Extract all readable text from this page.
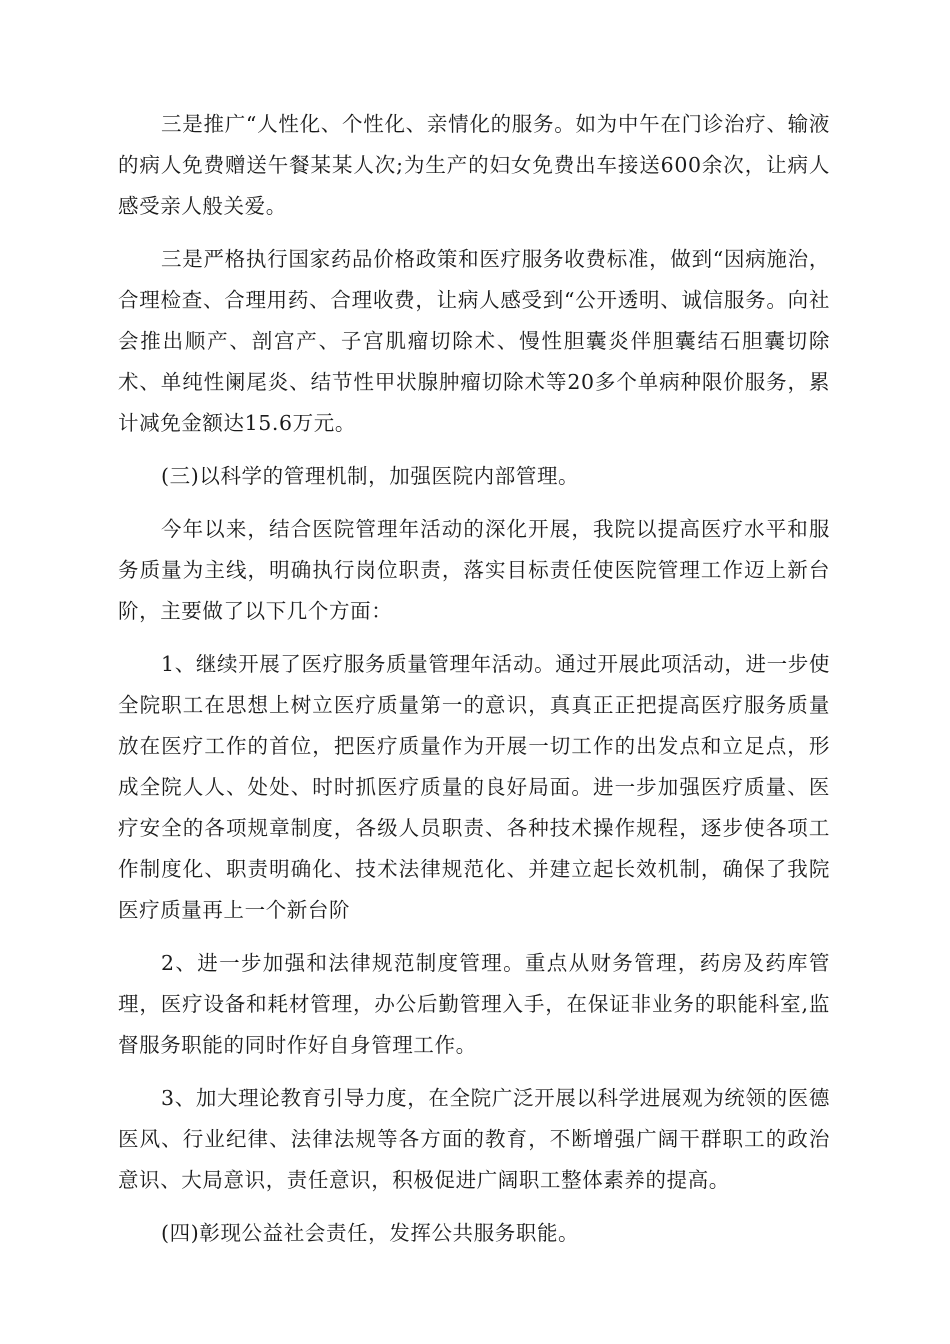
三是推广“人性化、个性化、亲情化的服务。如为中午在门诊治疗、输液的病人免费赠送午餐某某人次;为生产的妇女免费出车接送600余次，让病人感受亲人般关爱。

三是严格执行国家药品价格政策和医疗服务收费标准，做到“因病施治，合理检查、合理用药、合理收费，让病人感受到“公开透明、诚信服务。向社会推出顺产、剖宫产、子宫肌瘤切除术、慢性胆囊炎伴胆囊结石胆囊切除术、单纯性阑尾炎、结节性甲状腺肿瘤切除术等20多个单病种限价服务，累计减免金额达15.6万元。

(三)以科学的管理机制，加强医院内部管理。

今年以来，结合医院管理年活动的深化开展，我院以提高医疗水平和服务质量为主线，明确执行岗位职责，落实目标责任使医院管理工作迈上新台阶，主要做了以下几个方面：

1、继续开展了医疗服务质量管理年活动。通过开展此项活动，进一步使全院职工在思想上树立医疗质量第一的意识，真真正正把提高医疗服务质量放在医疗工作的首位，把医疗质量作为开展一切工作的出发点和立足点，形成全院人人、处处、时时抓医疗质量的良好局面。进一步加强医疗质量、医疗安全的各项规章制度，各级人员职责、各种技术操作规程，逐步使各项工作制度化、职责明确化、技术法律规范化、并建立起长效机制，确保了我院医疗质量再上一个新台阶

2、进一步加强和法律规范制度管理。重点从财务管理，药房及药库管理，医疗设备和耗材管理，办公后勤管理入手，在保证非业务的职能科室,监督服务职能的同时作好自身管理工作。

3、加大理论教育引导力度，在全院广泛开展以科学进展观为统领的医德医风、行业纪律、法律法规等各方面的教育，不断增强广阔干群职工的政治意识、大局意识，责任意识，积极促进广阔职工整体素养的提高。

(四)彰现公益社会责任，发挥公共服务职能。
